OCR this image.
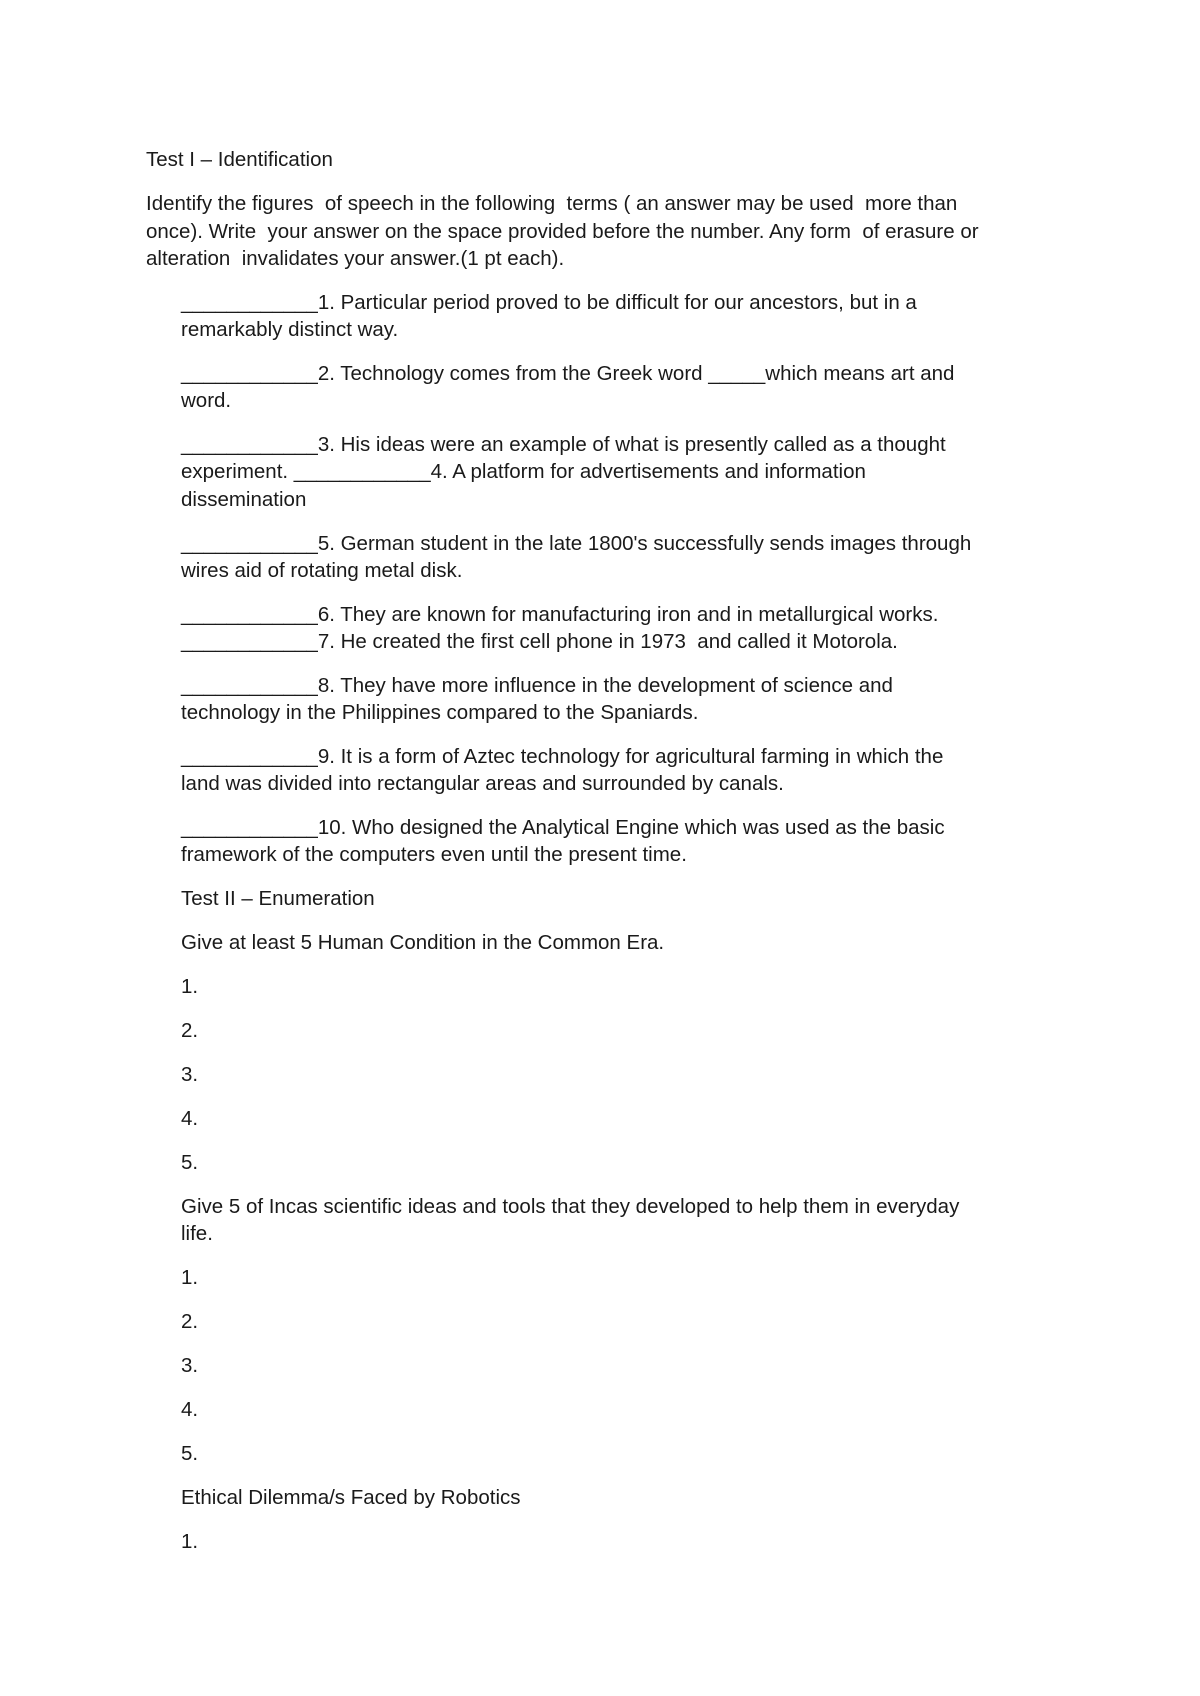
Test I – Identification
Identify the figures  of speech in the following  terms ( an answer may be used  more than
once). Write  your answer on the space provided before the number. Any form  of erasure or
alteration  invalidates your answer.(1 pt each).
____________1. Particular period proved to be difficult for our ancestors, but in a
remarkably distinct way.
____________2. Technology comes from the Greek word _____which means art and
word.
____________3. His ideas were an example of what is presently called as a thought
experiment. ____________4. A platform for advertisements and information
dissemination
____________5. German student in the late 1800's successfully sends images through
wires aid of rotating metal disk.
____________6. They are known for manufacturing iron and in metallurgical works.
____________7. He created the first cell phone in 1973  and called it Motorola.
____________8. They have more influence in the development of science and
technology in the Philippines compared to the Spaniards.
____________9. It is a form of Aztec technology for agricultural farming in which the
land was divided into rectangular areas and surrounded by canals.
____________10. Who designed the Analytical Engine which was used as the basic
framework of the computers even until the present time.
Test II – Enumeration
Give at least 5 Human Condition in the Common Era.
1.
2.
3.
4.
5.
Give 5 of Incas scientific ideas and tools that they developed to help them in everyday
life.
1.
2.
3.
4.
5.
Ethical Dilemma/s Faced by Robotics
1.
